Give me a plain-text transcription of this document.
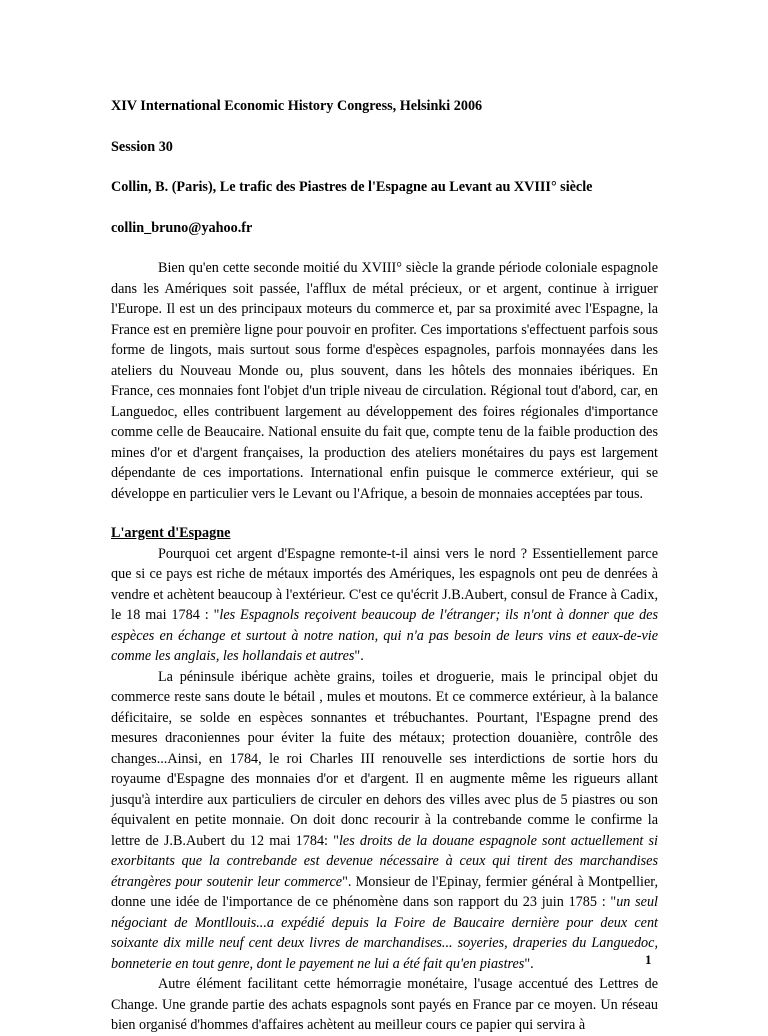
XIV International Economic History Congress, Helsinki 2006
Session 30
Collin, B. (Paris), Le trafic des Piastres de l'Espagne au Levant au XVIII° siècle
collin_bruno@yahoo.fr

Bien qu'en cette seconde moitié du XVIII° siècle la grande période coloniale espagnole dans les Amériques soit passée, l'afflux de métal précieux, or et argent, continue à irriguer l'Europe. Il est un des principaux moteurs du commerce et, par sa proximité avec l'Espagne, la France est en première ligne pour pouvoir en profiter. Ces importations s'effectuent parfois sous forme de lingots, mais surtout sous forme d'espèces espagnoles, parfois monnayées dans les ateliers du Nouveau Monde ou, plus souvent, dans les hôtels des monnaies ibériques. En France, ces monnaies font l'objet d'un triple niveau de circulation. Régional tout d'abord, car, en Languedoc, elles contribuent largement au développement des foires régionales d'importance comme celle de Beaucaire. National ensuite du fait que, compte tenu de la faible production des mines d'or et d'argent françaises, la production des ateliers monétaires du pays est largement dépendante de ces importations. International enfin puisque le commerce extérieur, qui se développe en particulier vers le Levant ou l'Afrique, a besoin de monnaies acceptées par tous.

L'argent d'Espagne

Pourquoi cet argent d'Espagne remonte-t-il ainsi vers le nord ? Essentiellement parce que si ce pays est riche de métaux importés des Amériques, les espagnols ont peu de denrées à vendre et achètent beaucoup à l'extérieur. C'est ce qu'écrit J.B.Aubert, consul de France à Cadix, le 18 mai 1784 : "les Espagnols reçoivent beaucoup de l'étranger; ils n'ont à donner que des espèces en échange et surtout à notre nation, qui n'a pas besoin de leurs vins et eaux-de-vie comme les anglais, les hollandais et autres".

La péninsule ibérique achète grains, toiles et droguerie, mais le principal objet du commerce reste sans doute le bétail , mules et moutons. Et ce commerce extérieur, à la balance déficitaire, se solde en espèces sonnantes et trébuchantes. Pourtant, l'Espagne prend des mesures draconiennes pour éviter la fuite des métaux; protection douanière, contrôle des changes...Ainsi, en 1784, le roi Charles III renouvelle ses interdictions de sortie hors du royaume d'Espagne des monnaies d'or et d'argent. Il en augmente même les rigueurs allant jusqu'à interdire aux particuliers de circuler en dehors des villes avec plus de 5 piastres ou son équivalent en petite monnaie. On doit donc recourir à la contrebande comme le confirme la lettre de J.B.Aubert du 12 mai 1784: "les droits de la douane espagnole sont actuellement si exorbitants que la contrebande est devenue nécessaire à ceux qui tirent des marchandises étrangères pour soutenir leur commerce". Monsieur de l'Epinay, fermier général à Montpellier, donne une idée de l'importance de ce phénomène dans son rapport du 23 juin 1785 : "un seul négociant de Montllouis...a expédié depuis la Foire de Baucaire dernière pour deux cent soixante dix mille neuf cent deux livres de marchandises... soyeries, draperies du Languedoc, bonneterie en tout genre, dont le payement ne lui a été fait qu'en piastres".

Autre élément facilitant cette hémorragie monétaire, l'usage accentué des Lettres de Change. Une grande partie des achats espagnols sont payés en France par ce moyen. Un réseau bien organisé d'hommes d'affaires achètent au meilleur cours ce papier qui servira à

1
